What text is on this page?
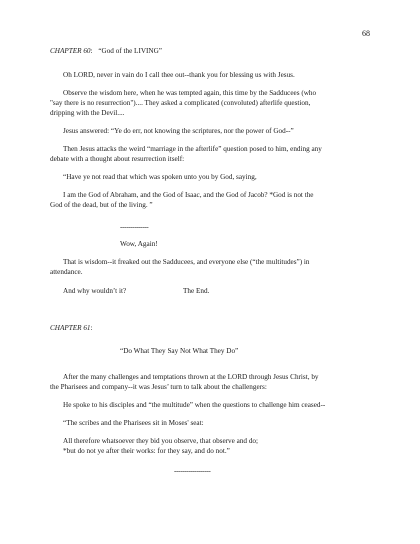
68
CHAPTER 60: “God of the LIVING”
Oh LORD, never in vain do I call thee out--thank you for blessing us with Jesus.
Observe the wisdom here, when he was tempted again, this time by the Sadducees (who
"say there is no resurrection").... They asked a complicated (convoluted) afterlife question,
dripping with the Devil....
Jesus answered: “Ye do err, not knowing the scriptures, nor the power of God--”
Then Jesus attacks the weird “marriage in the afterlife” question posed to him, ending any
debate with a thought about resurrection itself:
“Have ye not read that which was spoken unto you by God, saying,
I am the God of Abraham, and the God of Isaac, and the God of Jacob? *God is not the
God of the dead, but of the living. ”
--------------
Wow, Again!
That is wisdom--it freaked out the Sadducees, and everyone else (“the multitudes”) in
attendance.
And why wouldn’t it?	The End.
CHAPTER 61:
“Do What They Say Not What They Do”
After the many challenges and temptations thrown at the LORD through Jesus Christ, by
the Pharisees and company--it was Jesus’ turn to talk about the challengers:
He spoke to his disciples and “the multitude” when the questions to challenge him ceased--
“The scribes and the Pharisees sit in Moses' seat:
All therefore whatsoever they bid you observe, that observe and do;
*but do not ye after their works: for they say, and do not.”
------------------
